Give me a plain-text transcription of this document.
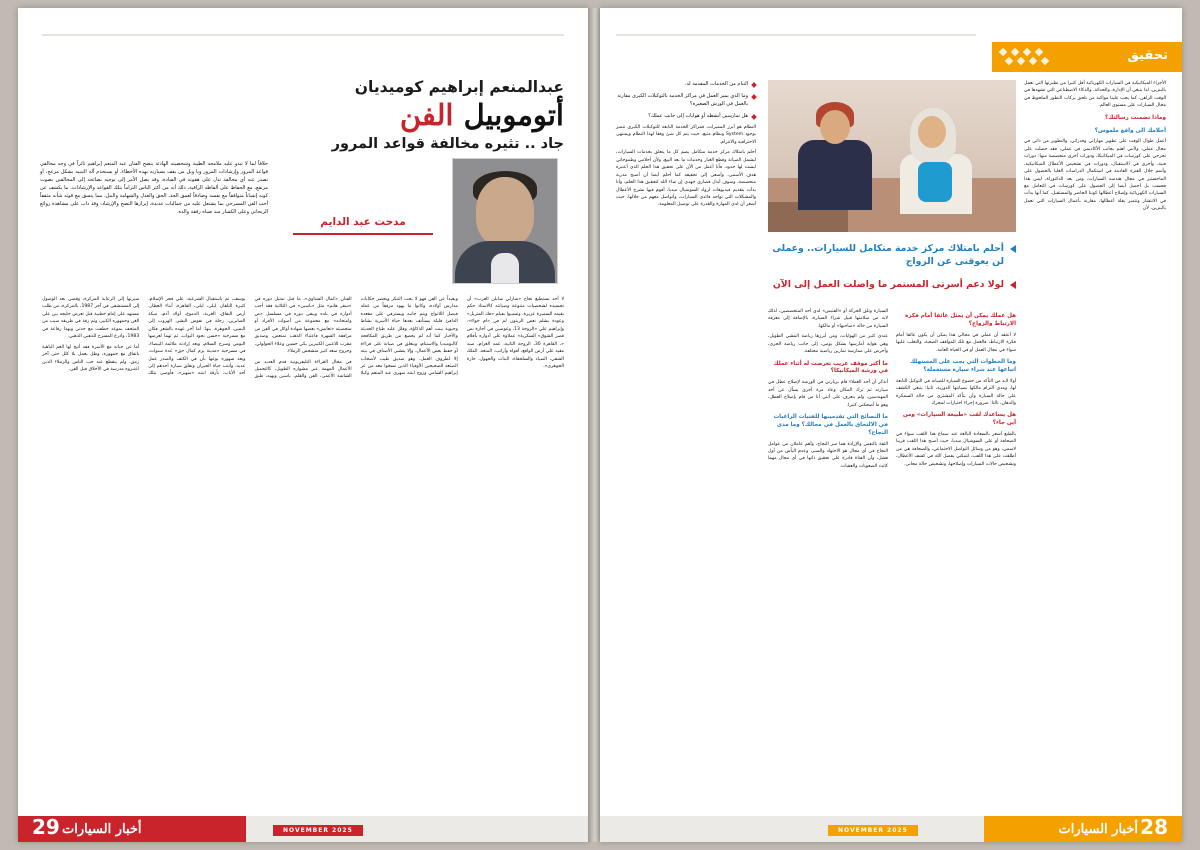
عبدالمنعم إبراهيم كوميديان
أتوموبيل الفن
جاد .. تثيره مخالفة قواعد المرور
مدحت عبد الدايم

خلافاً لما لا تبدو عليه ملامحه الطيبة وشخصيته الهادئة ينضح الفنان عبد المنعم إبراهيم ثائراً في وجه مخالفي قواعد المرور وإرشادات المرور ويا ويل من يقف بسيارته بهذه الأخطاء، أو يستخدم آلة التنبيه بشكل مزعج، أو تصدر عنه أي مخالفة تدل على هفوته في القيادة، وقد يصل الأمر إلى توجيه نصائحه إلى المخالفين بصوت مرتفع، مع الحفاظ على ألفاظه الراقية، ذلك أنه من أكثر الناس التزاماً بتلك القواعد والإرشادات، ما يكشف عن كونه إنساناً متوافقاً مع نفسه وصادقاً لعمق الجد، الحق والعدل والشهامة والنبل، مما يتسق مع قوته شأنه مثقفاً أحب الفن المسرحي بما يشتعل عليه من جماليات عديدة، إبرازها النضج والإرشاد، وقد داب على مشاهدة روائع الريحاني وعلى الكسار منذ صباه رفقة والده.

لا أحد يستطيع نجاح «شارلي شابلن العرب» أن تجسيده لشخصيات متنوعة وصيانته كالاستاذ حكم بقيمه السميرة عزيزة، وتسببوا بفيلم «فك المتربل» وعودة بشلم نعص الزيتون لم في «ام حواء»، وإبراهيم على «الزوجة 13، وعوضين في أجازة نص قصر الشوق» السكرية» عملاوة على أدواره بأفلام «، القاهرة 30، الزوجة الثانية، عمد الغرام، صيد مقيد على أرض الواقع، أفواه وأرانب، المتعة، الملك الشقي، الصياد والسلحفاة، البنات والجهول، حارة الجوهري».

وبعيداً عن الفن فهو لا يحب التنكر ويحضر حكايات مدارس أولاده، وكانوا ما يهود مرفقاً من عمله فيصل اللانواج ويتم جانبه ويسترفي على مقعده الدافئ قليلة يستأنف بعدها حياة الأسرية بشاط وحيوية بينت أهم الذكاؤة، وقلل عليه طباع الحديثة والأخبار كما أنه لم يخضع من طريق المكافحة كالبوميديا والاستنام، ويتعلق في صيانة على قراءة أو حفظ بعض الأعمال، وإلا يتشبى الأصناف في بيته إلا لطروف العمل، وهو صديق طيب لأصحاب الصنعة الصحيحين الأوفياء الذين نسجوا معه من عز إبراهيم الشامي وزوج ابنته صهري عبد المنعم وكيلا الفنان «كمال الشناوي»، ما قبل تمثيل دوره في «سفر هانم» مثل «باسين» في الثلاثية فقد أحب أدواره في بلده ويبقى دوره في مسلسل «ص وامتحانه» مع مجموعة من أصوات الأفراد أو شخصيته «تعايش» بعضها شهادة أوائل في الفن من مرافقة الشهرة فاعتناء الذهب تمتعض، وصديق مقرب للاعبين الكبيرين بكي حسين وعلاء الحولولي، وجروح سعد كبير متشخص الزملاء.

في مجال القراءة التليفزيونية قدم العديد من الأعمال المهمة عبر مشواره الطويل، كالتحميل الشاشة الأعمى، الفن والقلم، ياسين وبهيه، طبق يوسف، ثم باستقبال الشرعية، علي فجر الإسلام، كثيرة التلفاز، ليلى، ليلى، القاهرة، أبناء العطار، أرض النفاق، الغربة، الدموع، أولاد آدم، سكة الصابرين، رحلة في نفوس البشر، الهروب إلى اليمين، الجوهرة، بنها: أما آخر عهده بالشعر فكان مع مسرحية «حسن تجود البواب، ثم ثهما لعرضها اليومي وسرح السلام، وبعد إرادته ملائمة البيضاء، في مسرحية «مدينة بزم كمال حق» عدة سنوات، وبعد شهوره بوعها بأن في الكتف والصدر عمل عديد، وأنتب حياة الجيران وتقلق سيارة أحدهم إلى أحد الأياب، بأرقة ابنته «سهير»، فأوصى بتلك سيرتها إلى الرعاية المركزة، وقضى بعد الوصول إلى المستشفى في آخر 1987، بالمركزة، من طلب مستهد على إمام خطيبة قبل تعرض خليجه بين على الغن وجمهوره الكبير، وتم رقة في طريقه سبب من المتحف بموعد خطفت مع حدتي وبهذا رفاعة في 1983، وادرع المسرح للذهبي الذهبي.

أما عن حياته مع الأسرة فقد أتيح لها الغم الباهية باتفاق مع جمهوره، وظل يعمل بلا كلل حتى آخر رمق، ولم ينقطع عنه حب الناس والزملاء الذين اعتبروه مدرسة في الأخلاق قبل الفن.

29 أخبار السيارات	NOVEMBER 2025
تحقيق
أحلم بامتلاك مركز خدمة متكامل للسيارات.. وعملى لن يعوقنى عن الزواج
لولا دعم أسرتى المستمر ما واصلت العمل إلى الآن
التنام من الخدمات المقدمة له.
وما الذي يميز العمل في مراكز الخدمة بالتوكيلات الكبرى مقارنة بالعمل في الورش الصغيرة؟
هل تمارسين أنشطة أو هوايات إلى جانب عملك؟

النظام هو أبرز المميزات، فمراكز الخدمة التابعة للتوكيلات الكبرى تتميز بوجود System ونظام متبع، حيث يتم كل شئ وفقا لهذا النظام ويمنتهى الاحترافية والانترام.

أحلم بامتلاك مركز خدمة متكامل يضم كل ما يتعلق بخدمات السيارات، ليشمل الصيانة وقطع الغيار وخدمات ما بعد البيع، ولأن أحلامي وطموحاتي ليست لها حدود، فأنا أعمل من الآن على تحقيق هذا الحلم الذي أعتبره هدف الأسمى، وأسعى إلى تحقيقه كما أحلم أيضا أن أصبح مدربة متخصصة، وسوف أبذل قصارى جهدي إن شاء الله لتحقيق هذا الحلم، وأنا بدأت بتقديم فيديوهات لرواد السوشيال ميديا، أقوم فيها بشرح الأعطال والمشكلات التي تواجه قائدي السيارات، وأتواصل معهم من خلالها، حيث أشعر أن لدي المهارة والقدرة على توصيل المعلومة.

السيارة وتلق الحركة أو «الفتيس» لدى أحد المتخصصين، لذلك لابد من سلامتها قبيل شراء السيارة، بالإضافة إلى معرفة السيارة من حالة «صاحبها» أو مالكها.

عندي كثير من الهوايات، ومن أبرزها رياضة المشي الطويل، وهي هواية أمارسها بشكل يومي، إلى جانب رياضة الجري، وأحرص على ممارسة تمارين رياضية مختلفة.

ما أكثر موقف غريب تعرضت له أثناء عملك في ورشة الميكانيكا؟

أتذكر أن أحد العملاء قام بزيارتي في الورشة لإصلاح عطل في سيارته ثم ترك المكان وعاد مرة أخرى يسأل عن أحد المهندسين، ولم يتعرف على أنني أنا من قام بإصلاح العطل، وهو ما أضحكني كثيرا.

ما النصائح التي تقدمينها للفتيات الراغبات في الالتحاق بالعمل في مجالك؟ وما مدى النجاح؟

الثقة بالنفس والإرادة هما سر النجاح، وأهم عاملان من عوامل النجاح في أي مجال هو الاجتهاد والصبر، وعدم اليأس من أول فشل، وأن الفتاة قادرة على تحقيق ذاتها في أي مجال مهما كانت الصعوبات والعقبات.

هل عملك يمكن أن يمثل عائقا أمام فكرة الارتباط والزواج؟

لا أعتقد أن عملي في مجالي هذا يمكن أن يكون عائقا أمام فكرة الارتباط، فالعمل مع تلك المواقف الصعبة، والتغلب عليها سواء في مجال العمل أو في الحياة العامة.

وما الخطوات التي يجب على المستهلك اتباعها عند شراء سيارة مستعملة؟

أولا لابد من التأكد من خضوع السيارة للصيانة في التوكيل التابعة لها، ومدى التزام مالكها بصيانتها الدورية، ثانيا: ينبغي الكشف على حالة السيارة وأن يتأكد المشتري من حالة السمكرة والدهان، ثالثا: ضرورة إجراء اختبارات لمحرك

هل يساعدك لقب «طبيعة السيارات» ومن أين جاء؟

بالطبع أشعر بالسعادة البالغة عند سماع هذا اللقب سواء في الصحافة أو على السوشيال ميديا، حيث أصبح هذا اللقب قرينا لاسمي، وهو من وسائل التواصل الاجتماعي، والصحافة هي من أطلقت على هذا اللقب، لتمكني بفضل الله في كشف الأعطال، وتشخيص حالات السيارات وإصلاحها، وتشخيص حالة مجانى.

الأجزاء الميكانيكية في السيارات الكهربائية أقل كثيرا من نظيرتها التي تعمل بالبنزين، لذا ينبغي أن الإدارة، والحداثة، والذكاء الاصطناعي التي تشهدها في الوقت الراهن، كما يجب علينا مواكبة من نلحق بركاب التطور الملحوظ في مجال السيارات على مستوى العالم.

وماذا تضمنت رسالتك؟
أحلامك الى واقع ملموس؟

أعمل طوال الوقت على تطوير مهاراتي وقدراتي، والتطوير من ذاتي في مجال عملي، ولأنني أهتم بجانب الأكاديمي في عملي، فقد حصلت على تخرجي على كورسات في الميكانيكا، ودورات أخرى متخصصة منها: دورات فنية، وأخرى في الاستقبال، ودورات في تشخيص الأعطال الميكانيكية، وأتمم خلال الفترة القادمة في استكمال الدراسات العليا بالحصول على الماجستير في مجال هندسة السيارات، ومن بعد الدكتوراة، ليس هذا فحسب بل أحصل أيضا إلى الحصول على كورسات في التعامل مع السيارات الكهربائية وإصلاح أعطالها كوننا الحاضر والمستقبل، كما أنها بدأت في الانتشار وتتميز بقلة أعطالها، مقارنة بأعمال السيارات التي تعمل بالبنزين، لأن

28
أخبار السيارات
NOVEMBER 2025
